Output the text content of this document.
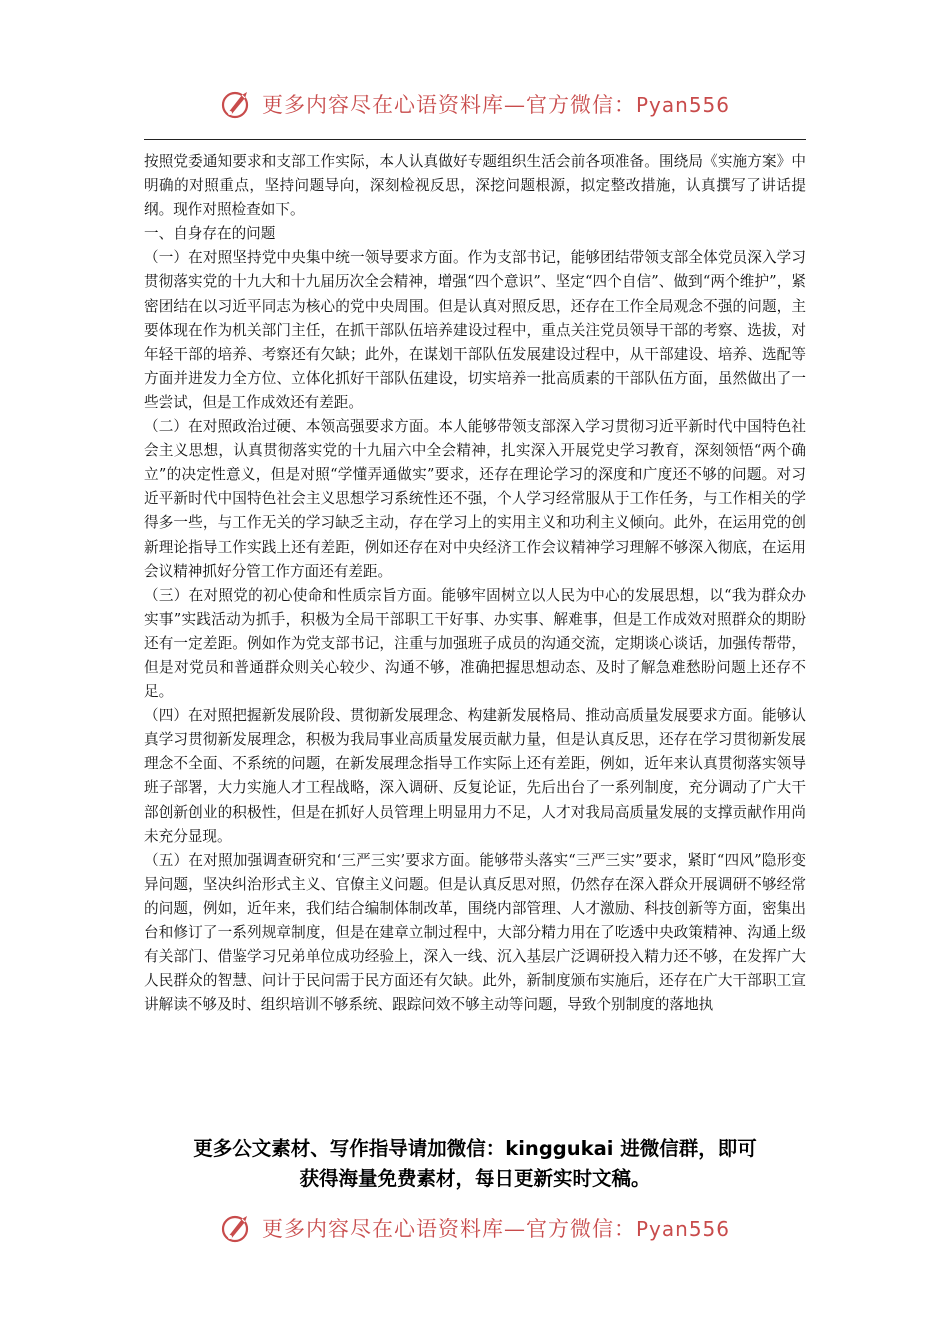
更多内容尽在心语资料库—官方微信：Pyan556

按照党委通知要求和支部工作实际，本人认真做好专题组织生活会前各项准备。围绕局《实施方案》中明确的对照重点，坚持问题导向，深刻检视反思，深挖问题根源，拟定整改措施，认真撰写了讲话提纲。现作对照检查如下。

一、自身存在的问题

（一）在对照坚持党中央集中统一领导要求方面。作为支部书记，能够团结带领支部全体党员深入学习贯彻落实党的十九大和十九届历次全会精神，增强“四个意识”、坚定“四个自信”、做到“两个维护”，紧密团结在以习近平同志为核心的党中央周围。但是认真对照反思，还存在工作全局观念不强的问题，主要体现在作为机关部门主任，在抓干部队伍培养建设过程中，重点关注党员领导干部的考察、选拔，对年轻干部的培养、考察还有欠缺；此外，在谋划干部队伍发展建设过程中，从干部建设、培养、选配等方面并进发力全方位、立体化抓好干部队伍建设，切实培养一批高质素的干部队伍方面，虽然做出了一些尝试，但是工作成效还有差距。

（二）在对照政治过硬、本领高强要求方面。本人能够带领支部深入学习贯彻习近平新时代中国特色社会主义思想，认真贯彻落实党的十九届六中全会精神，扎实深入开展党史学习教育，深刻领悟“两个确立”的决定性意义，但是对照“学懂弄通做实”要求，还存在理论学习的深度和广度还不够的问题。对习近平新时代中国特色社会主义思想学习系统性还不强，个人学习经常服从于工作任务，与工作相关的学得多一些，与工作无关的学习缺乏主动，存在学习上的实用主义和功利主义倾向。此外，在运用党的创新理论指导工作实践上还有差距，例如还存在对中央经济工作会议精神学习理解不够深入彻底，在运用会议精神抓好分管工作方面还有差距。

（三）在对照党的初心使命和性质宗旨方面。能够牢固树立以人民为中心的发展思想，以“我为群众办实事”实践活动为抓手，积极为全局干部职工干好事、办实事、解难事，但是工作成效对照群众的期盼还有一定差距。例如作为党支部书记，注重与加强班子成员的沟通交流，定期谈心谈话，加强传帮带，但是对党员和普通群众则关心较少、沟通不够，准确把握思想动态、及时了解急难愁盼问题上还存不足。

（四）在对照把握新发展阶段、贯彻新发展理念、构建新发展格局、推动高质量发展要求方面。能够认真学习贯彻新发展理念，积极为我局事业高质量发展贡献力量，但是认真反思，还存在学习贯彻新发展理念不全面、不系统的问题，在新发展理念指导工作实际上还有差距，例如，近年来认真贯彻落实领导班子部署，大力实施人才工程战略，深入调研、反复论证，先后出台了一系列制度，充分调动了广大干部创新创业的积极性，但是在抓好人员管理上明显用力不足，人才对我局高质量发展的支撑贡献作用尚未充分显现。

（五）在对照加强调查研究和‘三严三实’要求方面。能够带头落实“三严三实”要求，紧盯“四风”隐形变异问题，坚决纠治形式主义、官僚主义问题。但是认真反思对照，仍然存在深入群众开展调研不够经常的问题，例如，近年来，我们结合编制体制改革，围绕内部管理、人才激励、科技创新等方面，密集出台和修订了一系列规章制度，但是在建章立制过程中，大部分精力用在了吃透中央政策精神、沟通上级有关部门、借鉴学习兄弟单位成功经验上，深入一线、沉入基层广泛调研投入精力还不够，在发挥广大人民群众的智慧、问计于民问需于民方面还有欠缺。此外，新制度颁布实施后，还存在广大干部职工宣讲解读不够及时、组织培训不够系统、跟踪问效不够主动等问题，导致个别制度的落地执

更多公文素材、写作指导请加微信：kinggukai 进微信群，即可
获得海量免费素材，每日更新实时文稿。
更多内容尽在心语资料库—官方微信：Pyan556
